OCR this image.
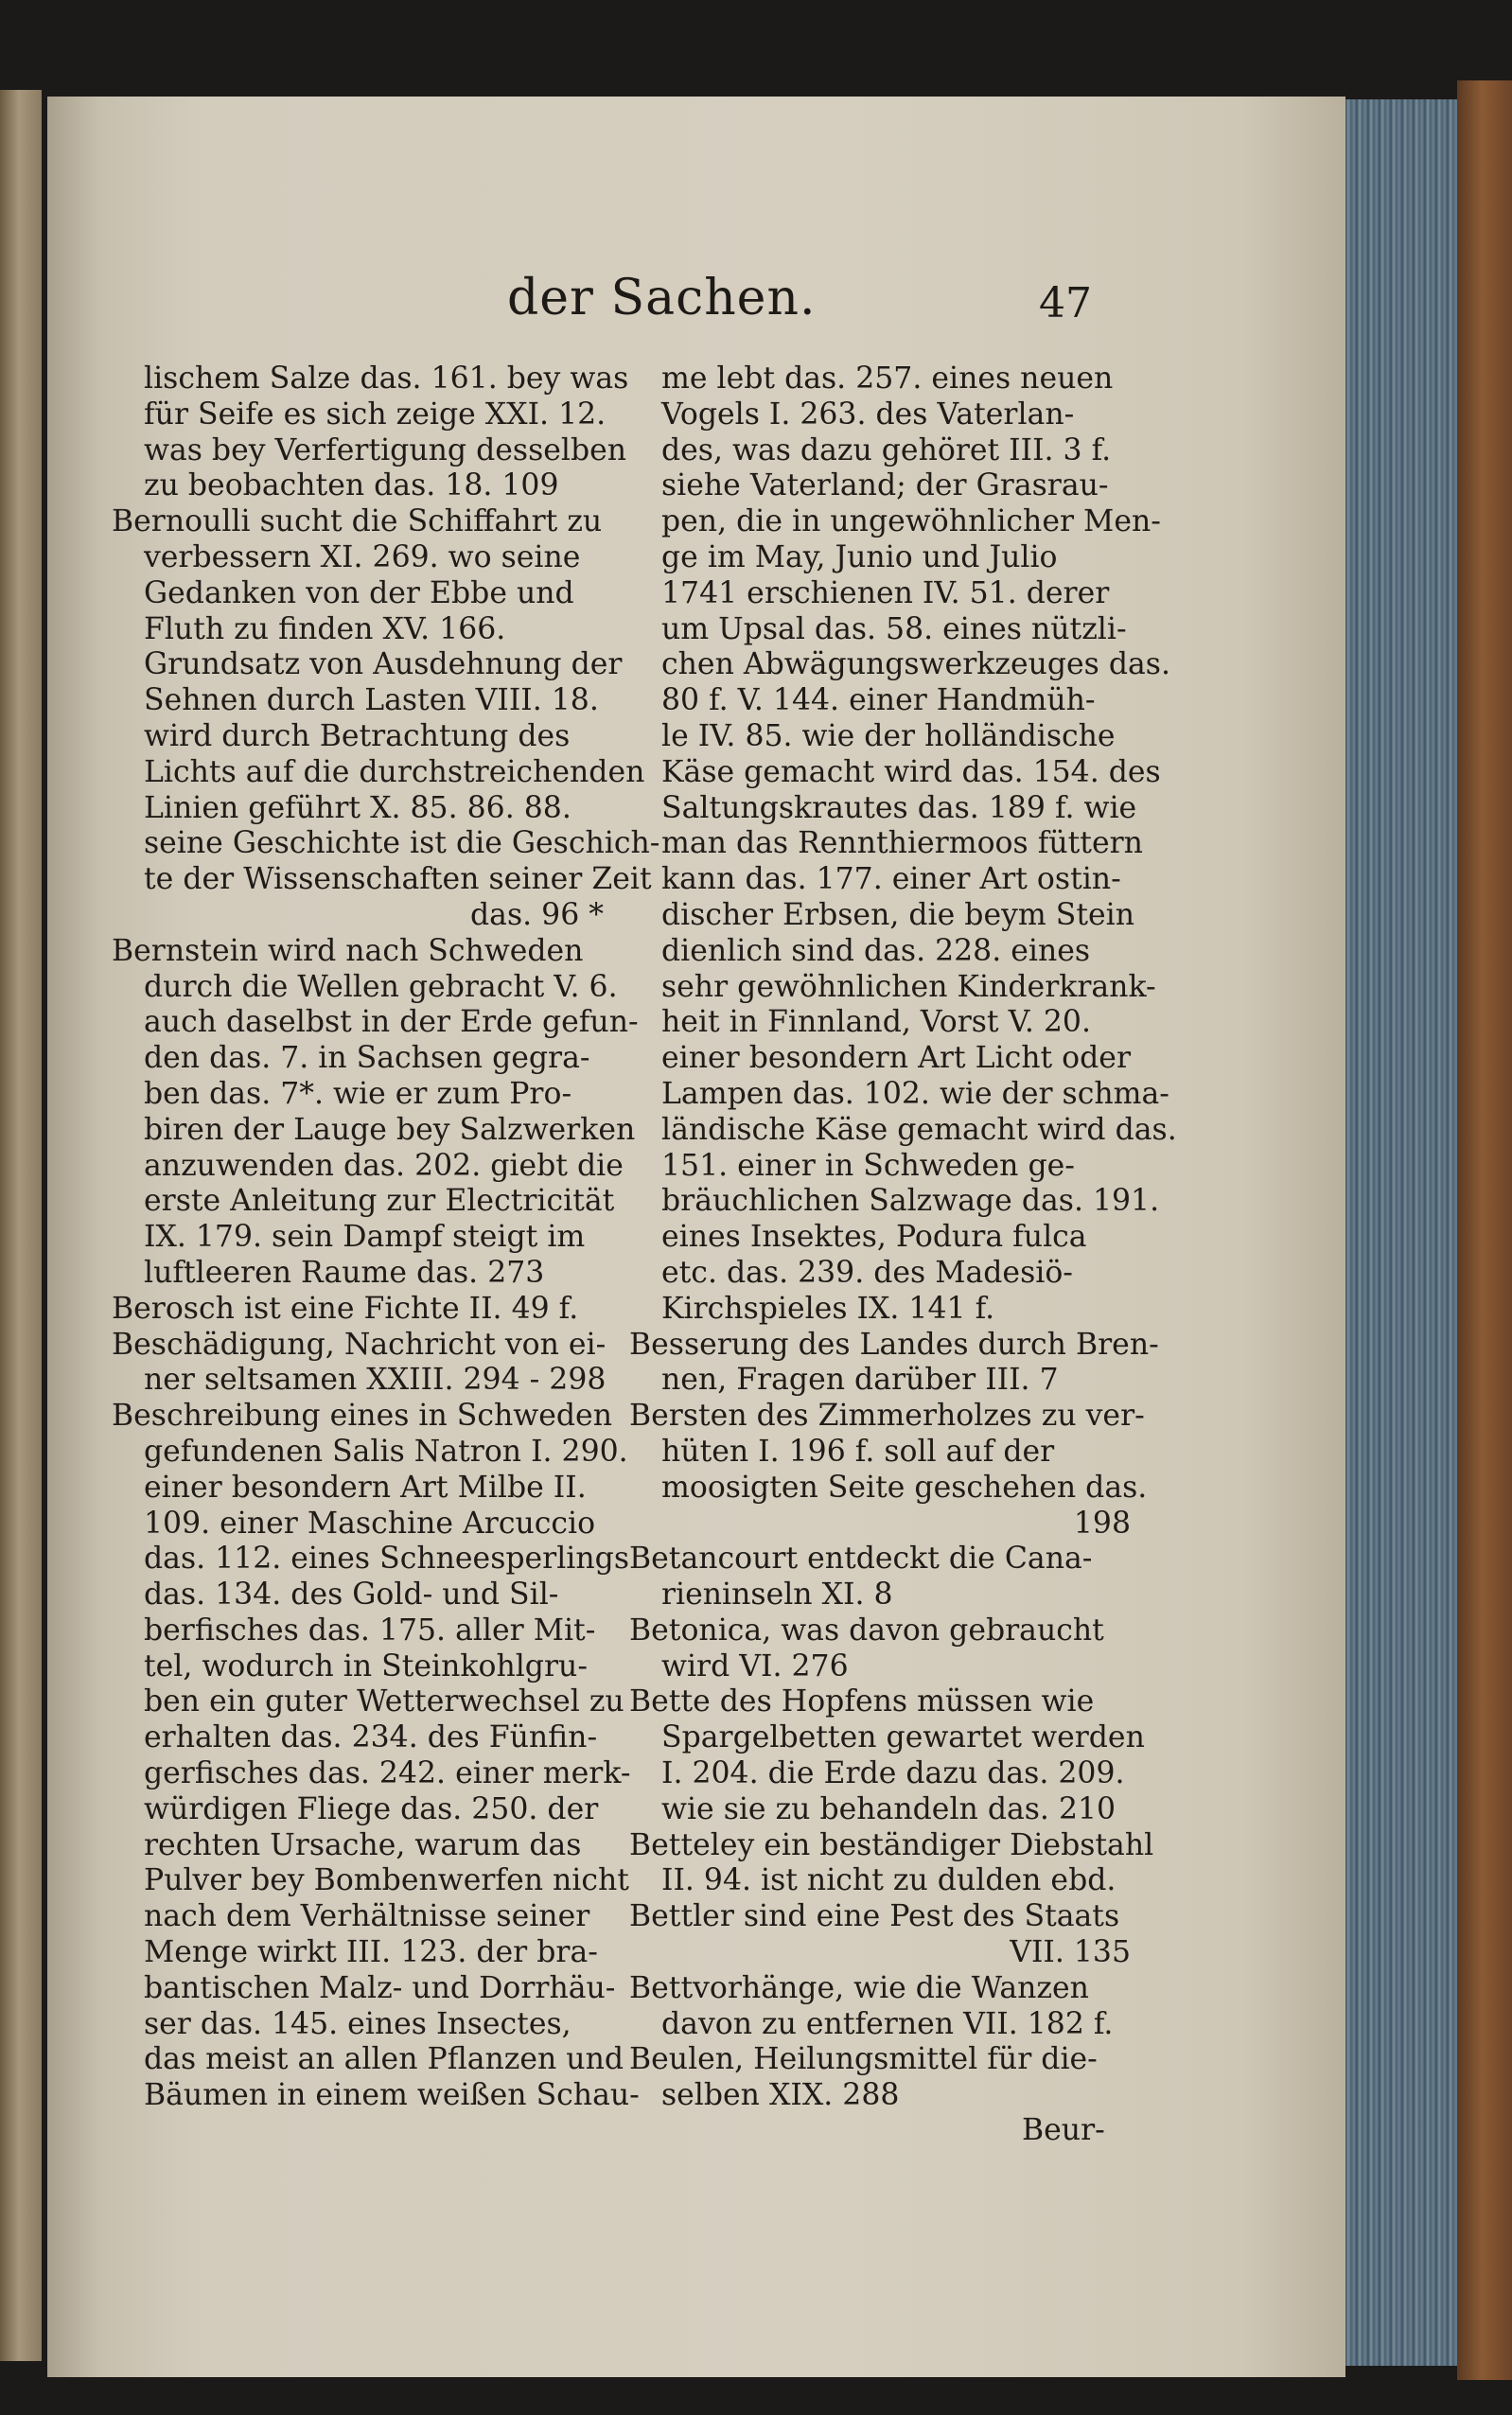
der Sachen.	47
lischem Salze das. 161. bey was
für Seife es sich zeige XXI. 12.
was bey Verfertigung desselben
zu beobachten das. 18. 109
Bernoulli sucht die Schiffahrt zu
verbessern XI. 269. wo seine
Gedanken von der Ebbe und
Fluth zu finden XV. 166.
Grundsatz von Ausdehnung der
Sehnen durch Lasten VIII. 18.
wird durch Betrachtung des
Lichts auf die durchstreichenden
Linien geführt X. 85. 86. 88.
seine Geschichte ist die Geschich-
te der Wissenschaften seiner Zeit
das. 96 *
Bernstein wird nach Schweden
durch die Wellen gebracht V. 6.
auch daselbst in der Erde gefun-
den das. 7. in Sachsen gegra-
ben das. 7*. wie er zum Pro-
biren der Lauge bey Salzwerken
anzuwenden das. 202. giebt die
erste Anleitung zur Electricität
IX. 179. sein Dampf steigt im
luftleeren Raume das. 273
Berosch ist eine Fichte II. 49 f.
Beschädigung, Nachricht von ei-
ner seltsamen XXIII. 294 - 298
Beschreibung eines in Schweden
gefundenen Salis Natron I. 290.
einer besondern Art Milbe II.
109. einer Maschine Arcuccio
das. 112. eines Schneesperlings
das. 134. des Gold- und Sil-
berfisches das. 175. aller Mit-
tel, wodurch in Steinkohlgru-
ben ein guter Wetterwechsel zu
erhalten das. 234. des Fünfin-
gerfisches das. 242. einer merk-
würdigen Fliege das. 250. der
rechten Ursache, warum das
Pulver bey Bombenwerfen nicht
nach dem Verhältnisse seiner
Menge wirkt III. 123. der bra-
bantischen Malz- und Dorrhäu-
ser das. 145. eines Insectes,
das meist an allen Pflanzen und
Bäumen in einem weißen Schau-
me lebt das. 257. eines neuen
Vogels I. 263. des Vaterlan-
des, was dazu gehöret III. 3 f.
siehe Vaterland; der Grasrau-
pen, die in ungewöhnlicher Men-
ge im May, Junio und Julio
1741 erschienen IV. 51. derer
um Upsal das. 58. eines nützli-
chen Abwägungswerkzeuges das.
80 f. V. 144. einer Handmüh-
le IV. 85. wie der holländische
Käse gemacht wird das. 154. des
Saltungskrautes das. 189 f. wie
man das Rennthiermoos füttern
kann das. 177. einer Art ostin-
discher Erbsen, die beym Stein
dienlich sind das. 228. eines
sehr gewöhnlichen Kinderkrank-
heit in Finnland, Vorst V. 20.
einer besondern Art Licht oder
Lampen das. 102. wie der schma-
ländische Käse gemacht wird das.
151. einer in Schweden ge-
bräuchlichen Salzwage das. 191.
eines Insektes, Podura fulca
etc. das. 239. des Madesiö-
Kirchspieles IX. 141 f.
Besserung des Landes durch Bren-
nen, Fragen darüber III. 7
Bersten des Zimmerholzes zu ver-
hüten I. 196 f. soll auf der
moosigten Seite geschehen das.
198
Betancourt entdeckt die Cana-
rieninseln XI. 8
Betonica, was davon gebraucht
wird VI. 276
Bette des Hopfens müssen wie
Spargelbetten gewartet werden
I. 204. die Erde dazu das. 209.
wie sie zu behandeln das. 210
Betteley ein beständiger Diebstahl
II. 94. ist nicht zu dulden ebd.
Bettler sind eine Pest des Staats
VII. 135
Bettvorhänge, wie die Wanzen
davon zu entfernen VII. 182 f.
Beulen, Heilungsmittel für die-
selben XIX. 288
Beur-
